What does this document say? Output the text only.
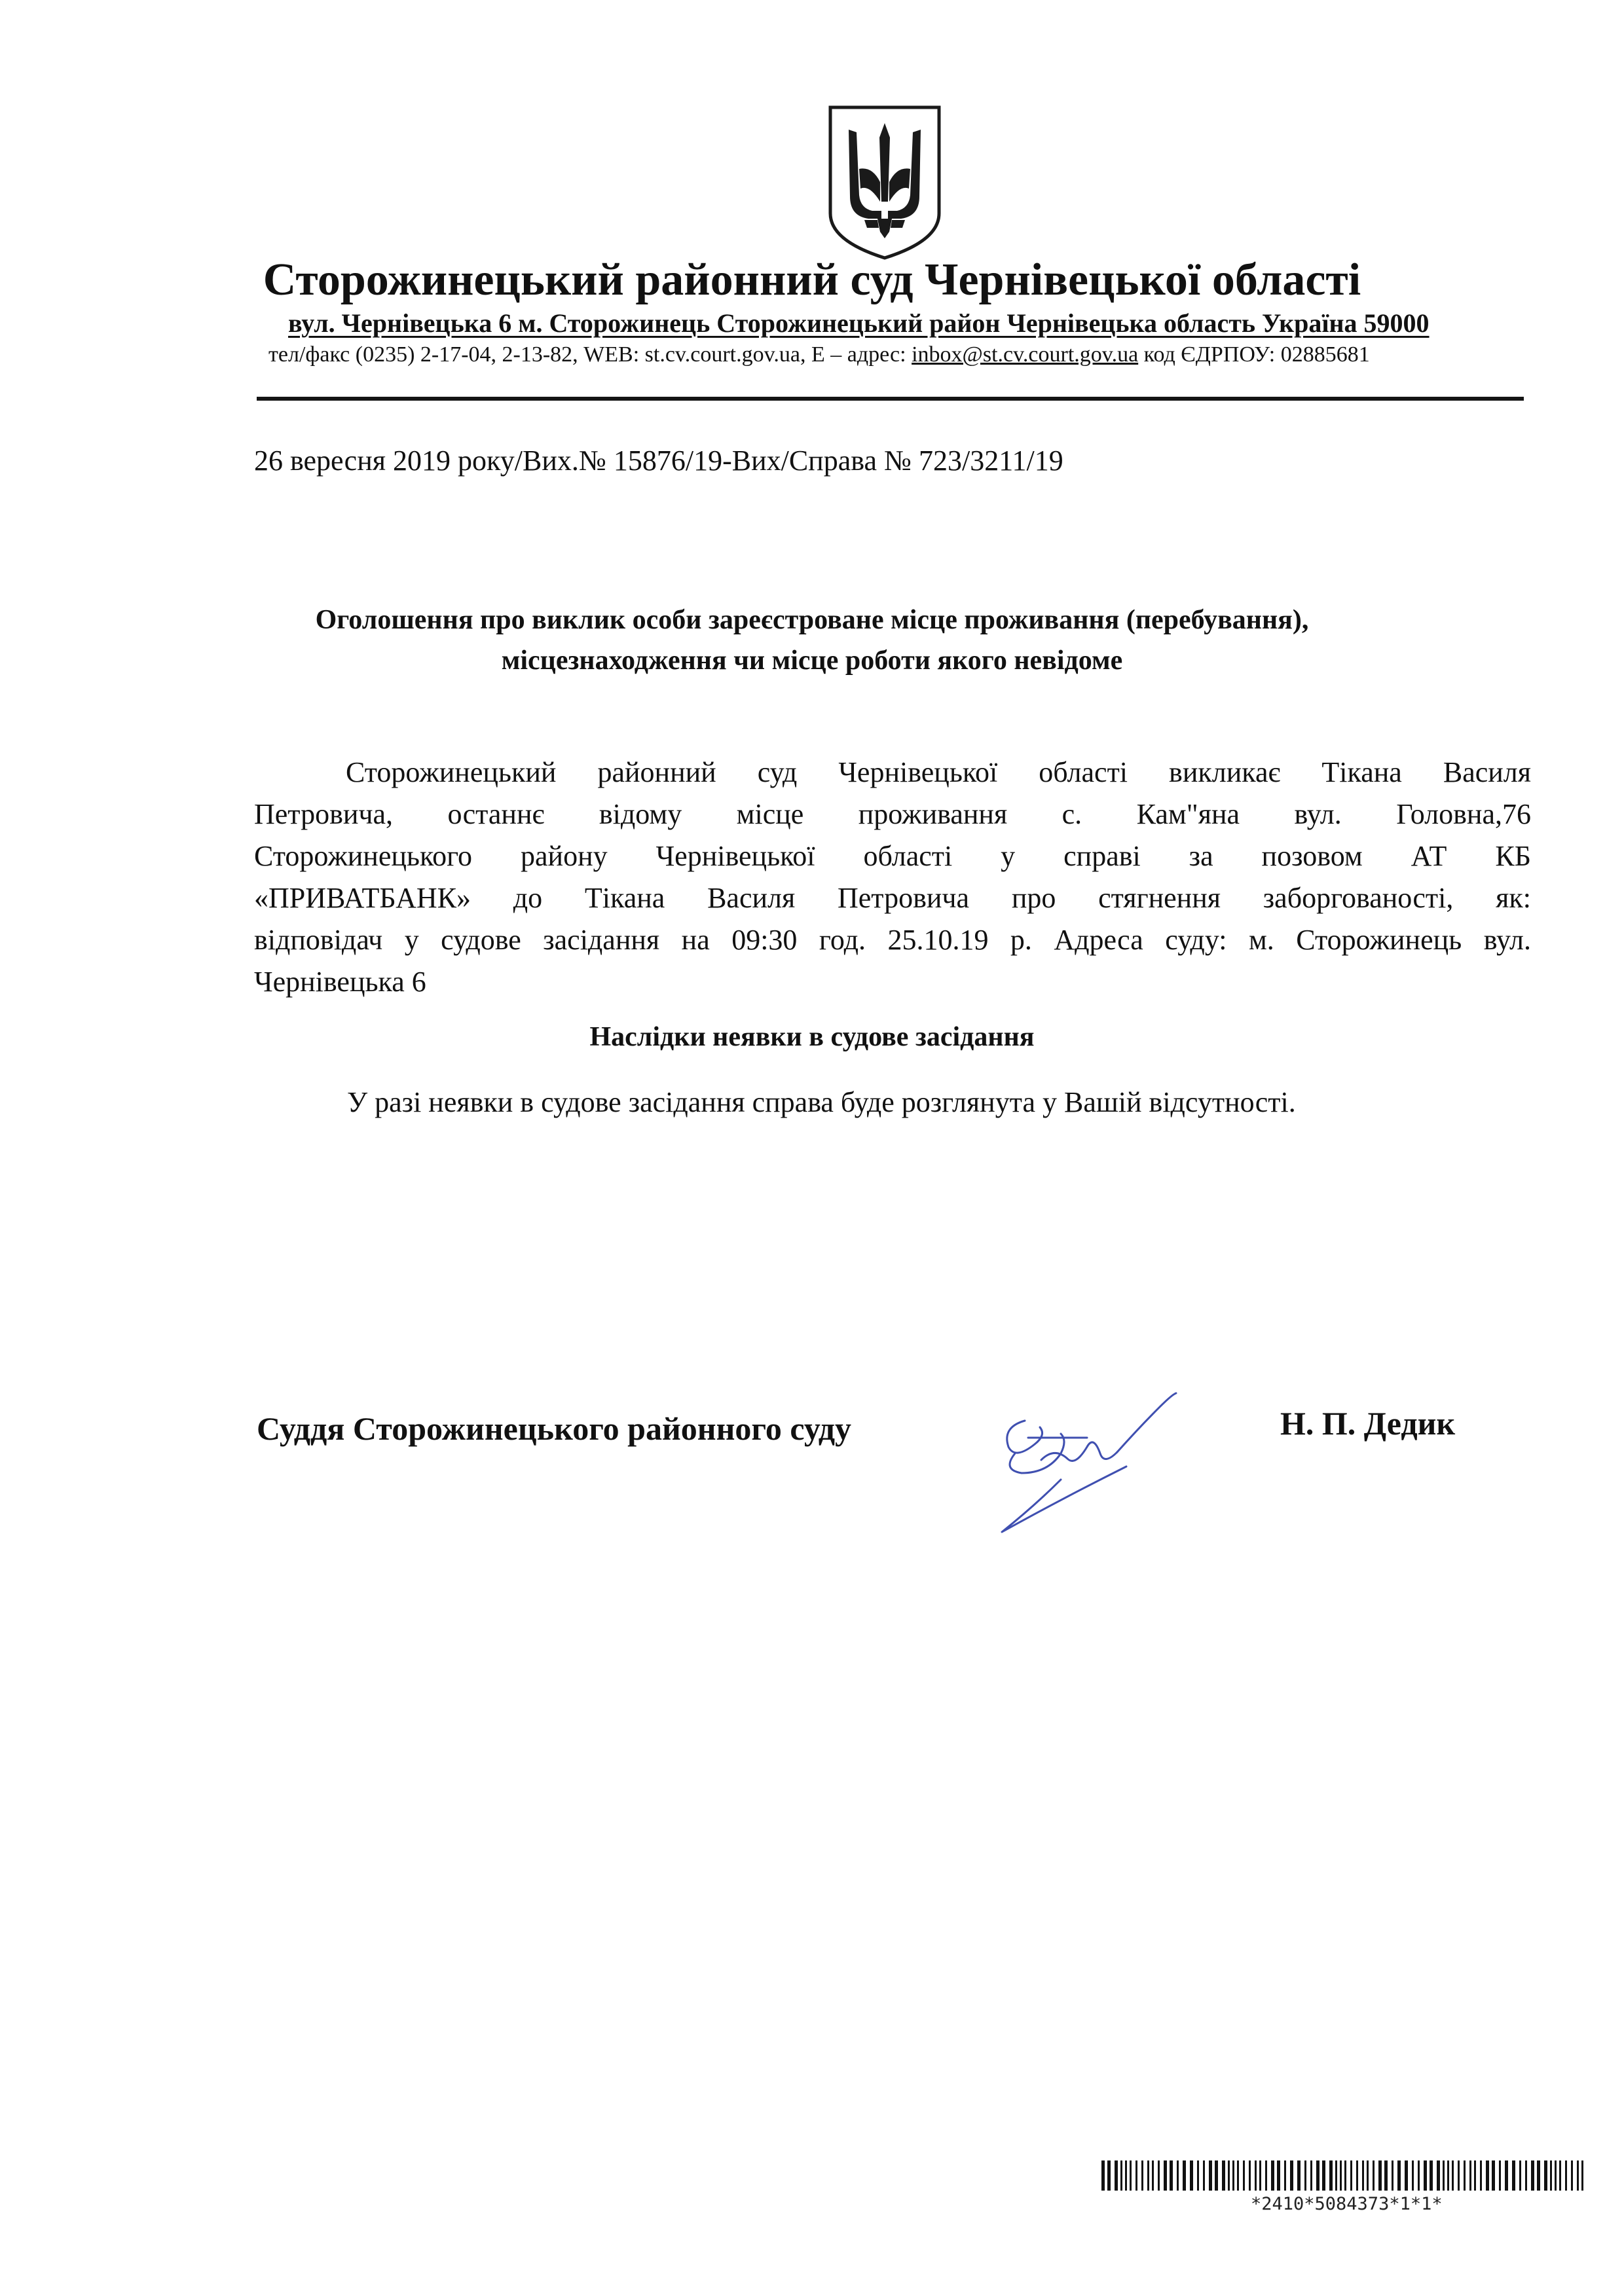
Сторожинецький районний суд Чернівецької області
вул. Чернівецька 6 м. Сторожинець Сторожинецький район Чернівецька область Україна 59000
тел/факс (0235) 2-17-04, 2-13-82, WEB: st.cv.court.gov.ua, E – адрес: inbox@st.cv.court.gov.ua код ЄДРПОУ: 02885681
26 вересня 2019 року/Вих.№ 15876/19-Вих/Справа № 723/3211/19
Оголошення про виклик особи зареєстроване місце проживання (перебування),
місцезнаходження чи місце роботи якого невідоме
Сторожинецький районний суд Чернівецької області викликає Тікана Василя
Петровича, останнє відому місце проживання с. Кам"яна вул. Головна,76
Сторожинецького району Чернівецької області у справі за позовом АТ КБ
«ПРИВАТБАНК» до Тікана Василя Петровича про стягнення заборгованості, як:
відповідач у судове засідання на 09:30 год. 25.10.19 р. Адреса суду: м. Сторожинець вул.
Чернівецька 6
Наслідки неявки в судове засідання
У разі неявки в судове засідання справа буде розглянута у Вашій відсутності.
Суддя Сторожинецького районного суду	Н. П. Дедик
*2410*5084373*1*1*
